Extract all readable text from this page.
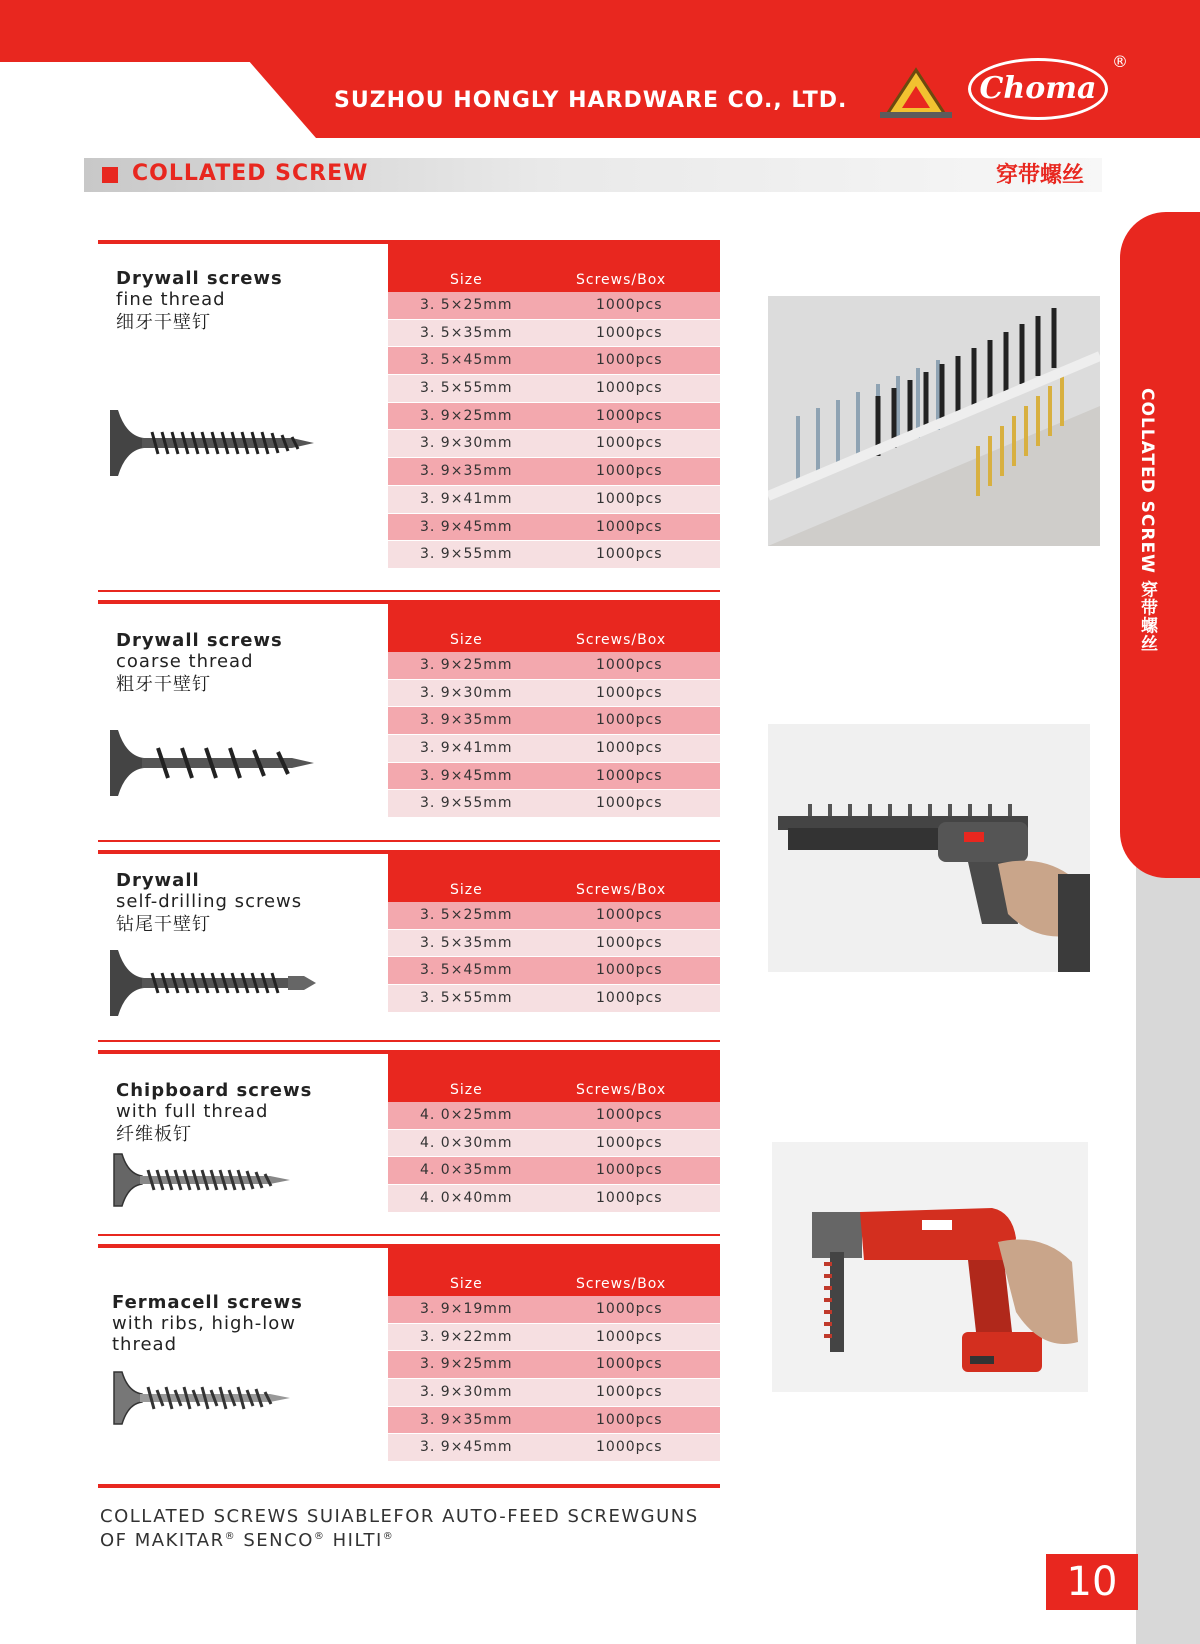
SUZHOU HONGLY HARDWARE CO., LTD.	Choma
®
COLLATED SCREW	穿带螺丝
COLLATED SCREW 穿带螺丝
Drywall screws
fine thread
细牙干壁钉
Size	Screws/Box
3. 5×25mm	1000pcs
3. 5×35mm	1000pcs
3. 5×45mm	1000pcs
3. 5×55mm	1000pcs
3. 9×25mm	1000pcs
3. 9×30mm	1000pcs
3. 9×35mm	1000pcs
3. 9×41mm	1000pcs
3. 9×45mm	1000pcs
3. 9×55mm	1000pcs
Drywall screws
coarse thread
粗牙干壁钉
Size	Screws/Box
3. 9×25mm	1000pcs
3. 9×30mm	1000pcs
3. 9×35mm	1000pcs
3. 9×41mm	1000pcs
3. 9×45mm	1000pcs
3. 9×55mm	1000pcs
Drywall
self-drilling screws
钻尾干壁钉
Size	Screws/Box
3. 5×25mm	1000pcs
3. 5×35mm	1000pcs
3. 5×45mm	1000pcs
3. 5×55mm	1000pcs
Chipboard screws
with full thread
纤维板钉
Size	Screws/Box
4. 0×25mm	1000pcs
4. 0×30mm	1000pcs
4. 0×35mm	1000pcs
4. 0×40mm	1000pcs
Fermacell screws
with ribs, high-low
thread
Size	Screws/Box
3. 9×19mm	1000pcs
3. 9×22mm	1000pcs
3. 9×25mm	1000pcs
3. 9×30mm	1000pcs
3. 9×35mm	1000pcs
3. 9×45mm	1000pcs
COLLATED SCREWS SUIABLEFOR AUTO-FEED SCREWGUNS
OF MAKITAR® SENCO® HILTI®
10
